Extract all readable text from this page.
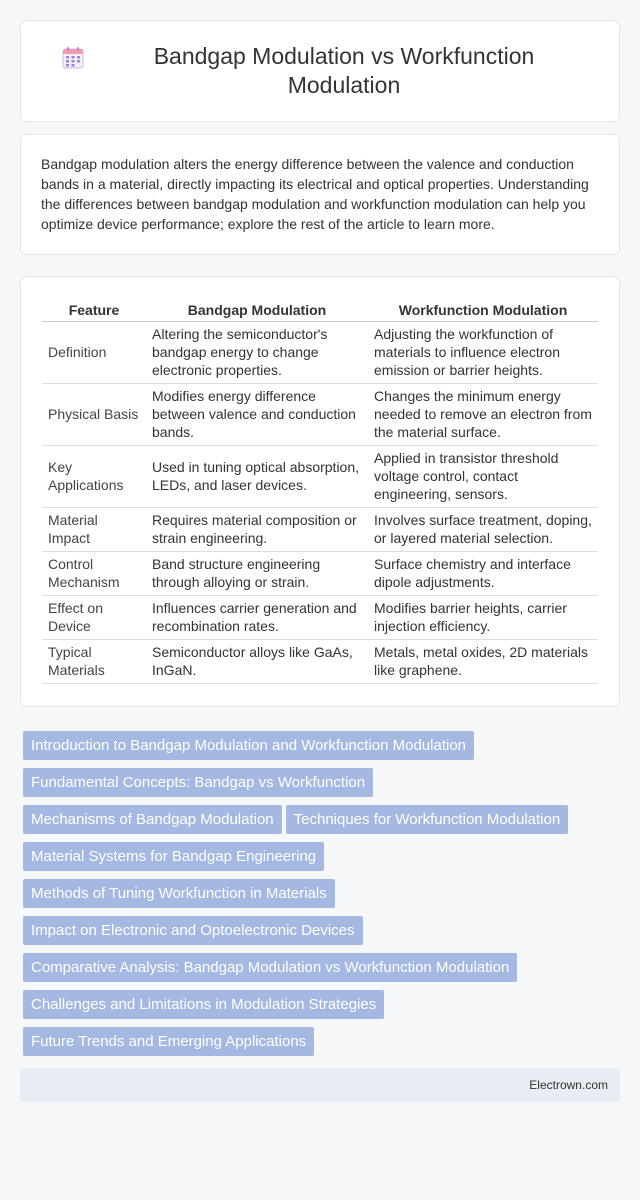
Bandgap Modulation vs Workfunction Modulation

Bandgap modulation alters the energy difference between the valence and conduction bands in a material, directly impacting its electrical and optical properties. Understanding the differences between bandgap modulation and workfunction modulation can help you optimize device performance; explore the rest of the article to learn more.

Feature	Bandgap Modulation	Workfunction Modulation
Definition	Altering the semiconductor's bandgap energy to change electronic properties.	Adjusting the workfunction of materials to influence electron emission or barrier heights.
Physical Basis	Modifies energy difference between valence and conduction bands.	Changes the minimum energy needed to remove an electron from the material surface.
Key Applications	Used in tuning optical absorption, LEDs, and laser devices.	Applied in transistor threshold voltage control, contact engineering, sensors.
Material Impact	Requires material composition or strain engineering.	Involves surface treatment, doping, or layered material selection.
Control Mechanism	Band structure engineering through alloying or strain.	Surface chemistry and interface dipole adjustments.
Effect on Device	Influences carrier generation and recombination rates.	Modifies barrier heights, carrier injection efficiency.
Typical Materials	Semiconductor alloys like GaAs, InGaN.	Metals, metal oxides, 2D materials like graphene.
Introduction to Bandgap Modulation and Workfunction Modulation
Fundamental Concepts: Bandgap vs Workfunction
Mechanisms of Bandgap Modulation Techniques for Workfunction Modulation
Material Systems for Bandgap Engineering
Methods of Tuning Workfunction in Materials
Impact on Electronic and Optoelectronic Devices
Comparative Analysis: Bandgap Modulation vs Workfunction Modulation
Challenges and Limitations in Modulation Strategies
Future Trends and Emerging Applications
Electrown.com
